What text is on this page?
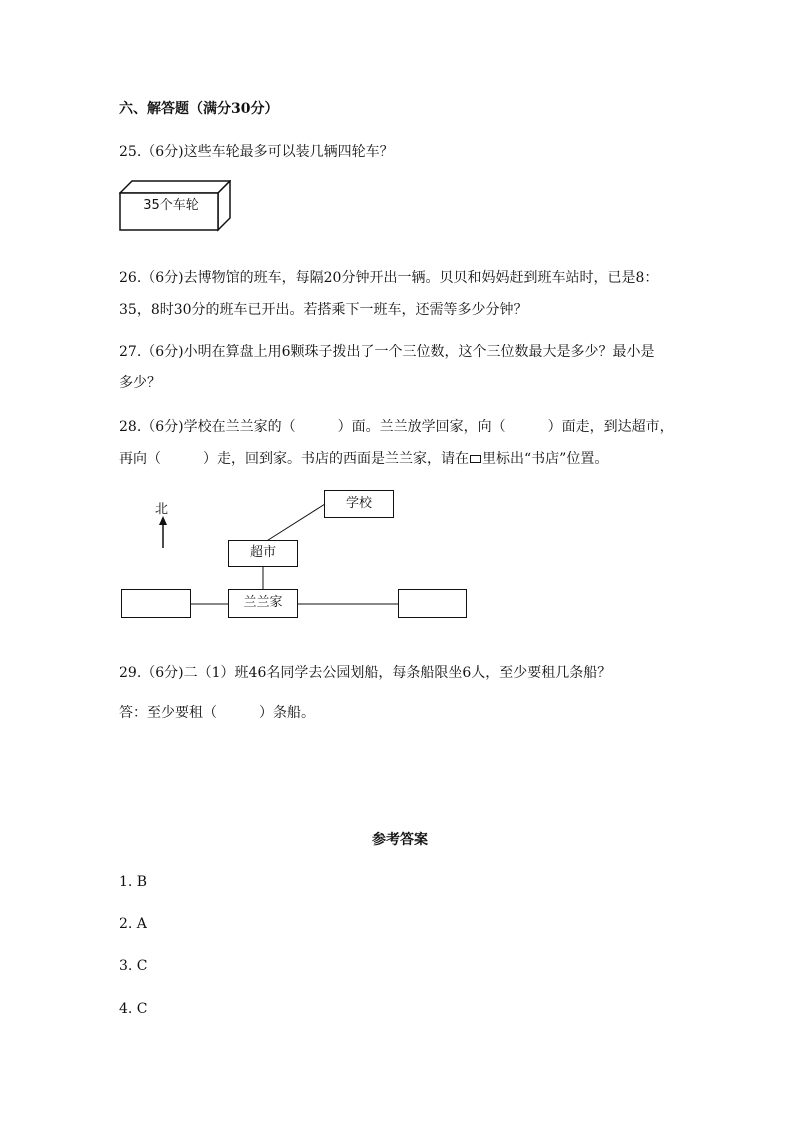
六、解答题（满分30分）
25.（6分)这些车轮最多可以装几辆四轮车？
35个车轮
26.（6分)去博物馆的班车，每隔20分钟开出一辆。贝贝和妈妈赶到班车站时，已是8：
35，8时30分的班车已开出。若搭乘下一班车，还需等多少分钟？
27.（6分)小明在算盘上用6颗珠子拨出了一个三位数，这个三位数最大是多少？最小是
多少？
28.（6分)学校在兰兰家的（	）面。兰兰放学回家，向（	）面走，到达超市，
再向（	）走，回到家。书店的西面是兰兰家，请在 里标出“书店”位置。
北	学校
超市
兰兰家
29.（6分)二（1）班46名同学去公园划船，每条船限坐6人，至少要租几条船？
答：至少要租（	）条船。
参考答案
1. B
2. A
3. C
4. C
